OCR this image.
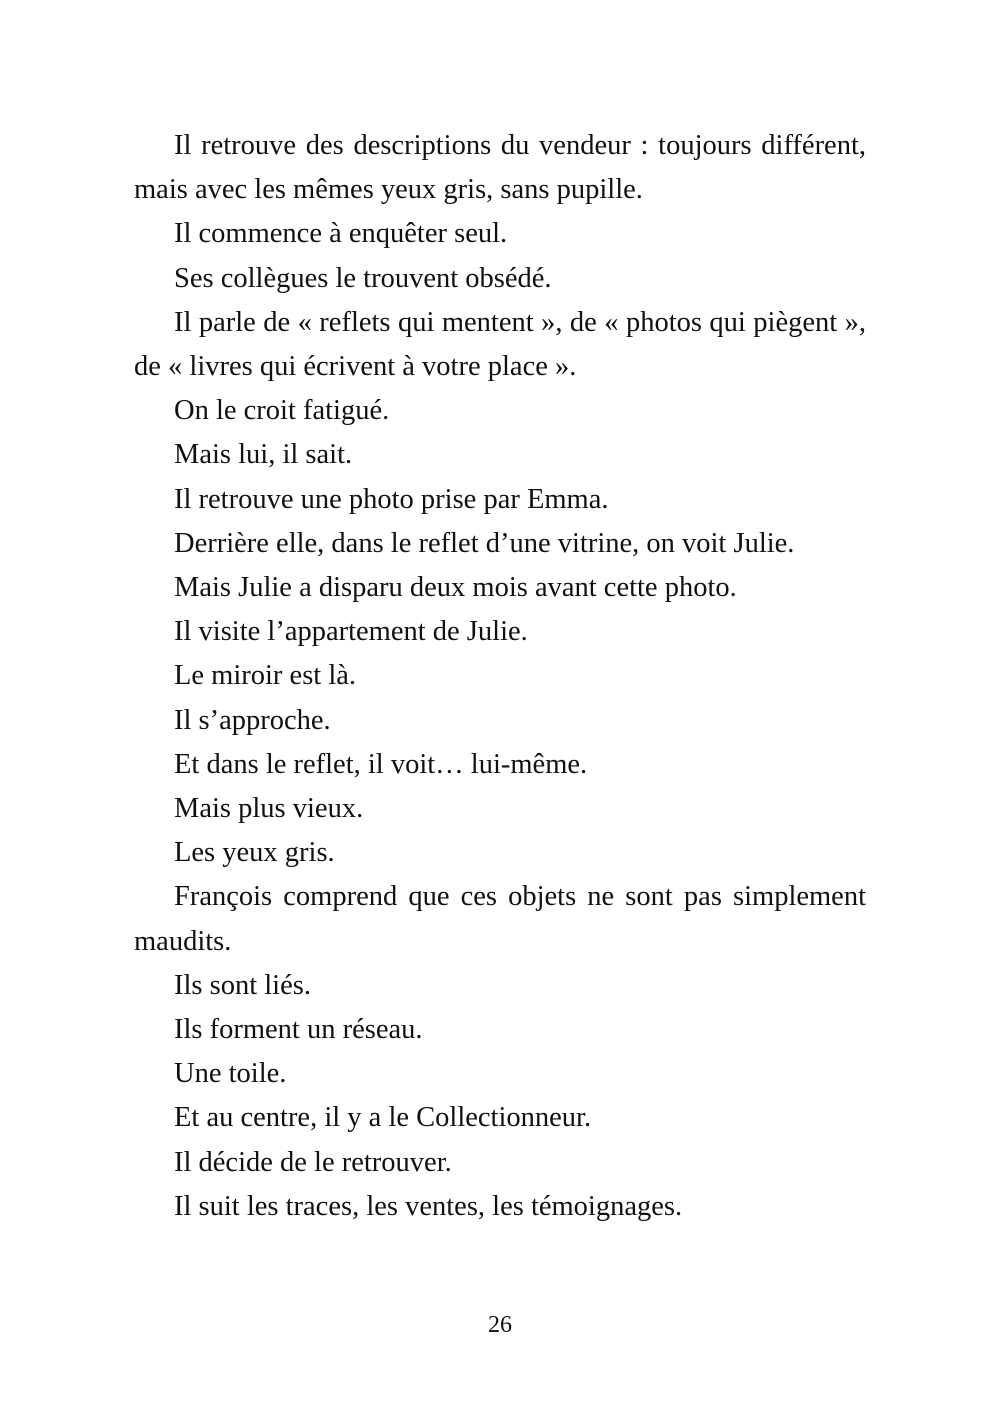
Il retrouve des descriptions du vendeur : toujours différent, mais avec les mêmes yeux gris, sans pupille.

Il commence à enquêter seul.

Ses collègues le trouvent obsédé.

Il parle de « reflets qui mentent », de « photos qui piègent », de « livres qui écrivent à votre place ».

On le croit fatigué.

Mais lui, il sait.

Il retrouve une photo prise par Emma.

Derrière elle, dans le reflet d’une vitrine, on voit Julie.

Mais Julie a disparu deux mois avant cette photo.

Il visite l’appartement de Julie.

Le miroir est là.

Il s’approche.

Et dans le reflet, il voit… lui-même.

Mais plus vieux.

Les yeux gris.

François comprend que ces objets ne sont pas simplement maudits.

Ils sont liés.

Ils forment un réseau.

Une toile.

Et au centre, il y a le Collectionneur.

Il décide de le retrouver.

Il suit les traces, les ventes, les témoignages.

26
